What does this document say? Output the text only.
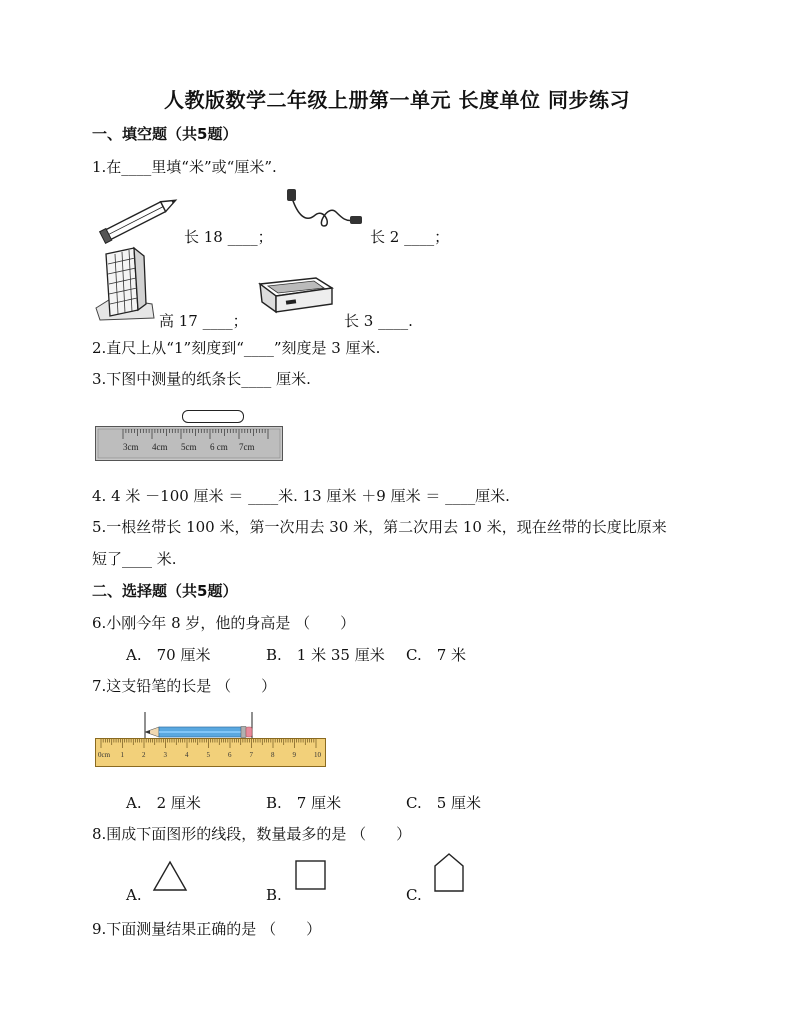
人教版数学二年级上册第一单元 长度单位 同步练习
一、填空题（共5题）
1.在____里填“米”或“厘米”.
长 18 ____；	长 2 ____；
高 17 ____；	长 3 ____.
2.直尺上从“1”刻度到“____”刻度是 3 厘米.
3.下图中测量的纸条长____ 厘米.
3cm 4cm 5cm 6 cm 7cm
4. 4 米 －100 厘米 ＝ ____米. 13 厘米 ＋9 厘米 ＝ ____厘米.
5.一根丝带长 100 米，第一次用去 30 米，第二次用去 10 米，现在丝带的长度比原来
短了____ 米.
二、选择题（共5题）
6.小刚今年 8 岁，他的身高是 （　　）
A.　70 厘米	B.　1 米 35 厘米 C.　7 米
7.这支铅笔的长是 （　　）
0cm 1	2	3	4	5	6	7	8	9	10
A.　2 厘米	B.　7 厘米	C.　5 厘米
8.围成下面图形的线段，数量最多的是 （　　）
A.	B.	C.
9.下面测量结果正确的是 （　　）
